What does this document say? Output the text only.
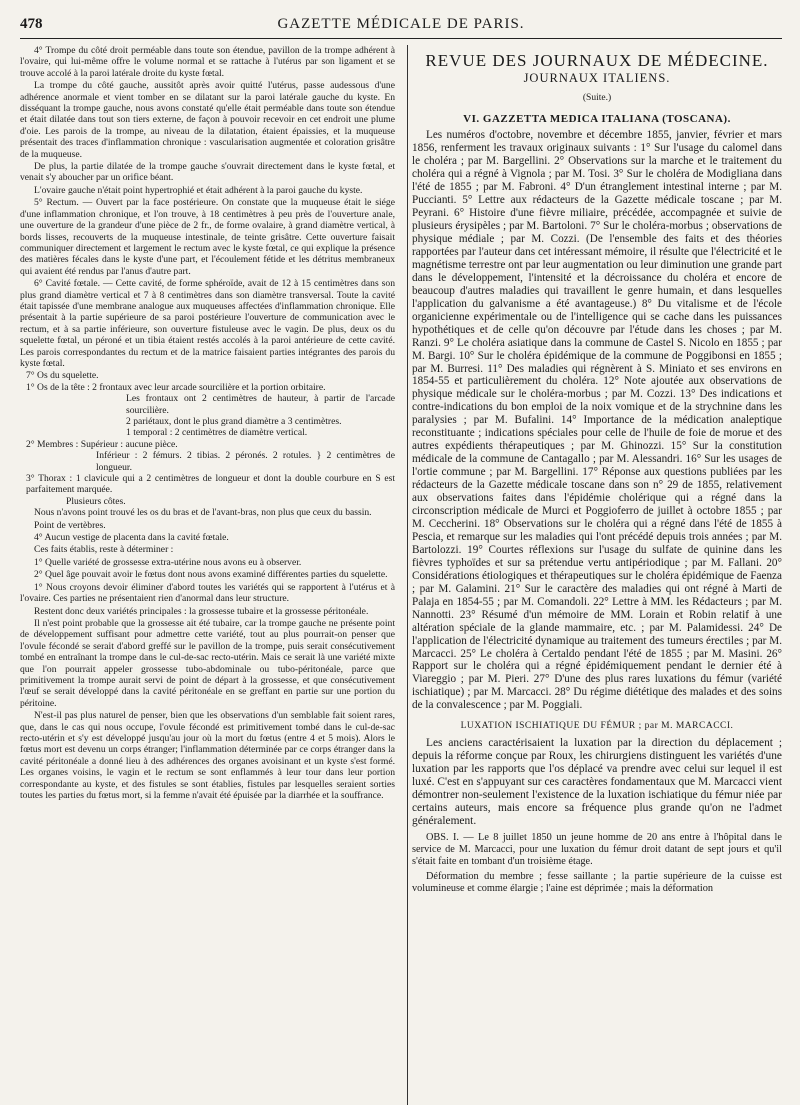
478	GAZETTE MÉDICALE DE PARIS.

4° Trompe du côté droit perméable dans toute son étendue, pavillon de la trompe adhérent à l'ovaire, qui lui-même offre le volume normal et se rattache à l'utérus par son ligament et se trouve accolé à la paroi latérale droite du kyste fœtal.

La trompe du côté gauche, aussitôt après avoir quitté l'utérus, passe audessous d'une adhérence anormale et vient tomber en se dilatant sur la paroi latérale gauche du kyste. En disséquant la trompe gauche, nous avons constaté qu'elle était perméable dans toute son étendue et était dilatée dans tout son tiers externe, de façon à pouvoir recevoir en cet endroit une plume d'oie. Les parois de la trompe, au niveau de la dilatation, étaient épaissies, et la muqueuse présentait des traces d'inflammation chronique : vascularisation augmentée et coloration grisâtre de la muqueuse.

De plus, la partie dilatée de la trompe gauche s'ouvrait directement dans le kyste fœtal, et venait s'y aboucher par un orifice béant.

L'ovaire gauche n'était point hypertrophié et était adhérent à la paroi gauche du kyste.

5° Rectum. — Ouvert par la face postérieure. On constate que la muqueuse était le siége d'une inflammation chronique, et l'on trouve, à 18 centimètres à peu près de l'ouverture anale, une ouverture de la grandeur d'une pièce de 2 fr., de forme ovalaire, à grand diamètre vertical, à bords lisses, recouverts de la muqueuse intestinale, de teinte grisâtre. Cette ouverture faisait communiquer directement et largement le rectum avec le kyste fœtal, ce qui explique la présence des matières fécales dans le kyste d'une part, et l'écoulement fétide et les détritus membraneux qui avaient été rendus par l'anus d'autre part.

6° Cavité fœtale. — Cette cavité, de forme sphéroïde, avait de 12 à 15 centimètres dans son plus grand diamètre vertical et 7 à 8 centimètres dans son diamètre transversal. Toute la cavité était tapissée d'une membrane analogue aux muqueuses affectées d'inflammation chronique. Elle présentait à la partie supérieure de sa paroi postérieure l'ouverture de communication avec le rectum, et à sa partie inférieure, son ouverture fistuleuse avec le vagin. De plus, deux os du squelette fœtal, un péroné et un tibia étaient restés accolés à la paroi antérieure de cette cavité. Les parois correspondantes du rectum et de la matrice faisaient parties intégrantes des parois du kyste fœtal.

7° Os du squelette.
1° Os de la tête : 2 frontaux avec leur arcade sourcilière et la portion orbitaire.
Les frontaux ont 2 centimètres de hauteur, à partir de l'arcade sourcilière.
2 pariétaux, dont le plus grand diamètre a 3 centimètres.
1 temporal : 2 centimètres de diamètre vertical.
2° Membres : Supérieur : aucune pièce.
Inférieur : 2 fémurs. 2 tibias. 2 péronés. 2 rotules. } 2 centimètres de longueur.
3° Thorax : 1 clavicule qui a 2 centimètres de longueur et dont la double courbure en S est parfaitement marquée.
Plusieurs côtes.

Nous n'avons point trouvé les os du bras et de l'avant-bras, non plus que ceux du bassin.

Point de vertèbres.

4° Aucun vestige de placenta dans la cavité fœtale.

Ces faits établis, reste à déterminer :

1° Quelle variété de grossesse extra-utérine nous avons eu à observer.

2° Quel âge pouvait avoir le fœtus dont nous avons examiné différentes parties du squelette.

1° Nous croyons devoir éliminer d'abord toutes les variétés qui se rapportent à l'utérus et à l'ovaire. Ces parties ne présentaient rien d'anormal dans leur structure.

Restent donc deux variétés principales : la grossesse tubaire et la grossesse péritonéale.

Il n'est point probable que la grossesse ait été tubaire, car la trompe gauche ne présente point de développement suffisant pour admettre cette variété, tout au plus pourrait-on penser que l'ovule fécondé se serait d'abord greffé sur le pavillon de la trompe, puis serait consécutivement tombé en entraînant la trompe dans le cul-de-sac recto-utérin. Mais ce serait là une variété mixte que l'on pourrait appeler grossesse tubo-abdominale ou tubo-péritonéale, parce que primitivement la trompe aurait servi de point de départ à la grossesse, et que consécutivement l'œuf se serait développé dans la cavité péritonéale en se greffant en partie sur une portion du péritoine.

N'est-il pas plus naturel de penser, bien que les observations d'un semblable fait soient rares, que, dans le cas qui nous occupe, l'ovule fécondé est primitivement tombé dans le cul-de-sac recto-utérin et s'y est développé jusqu'au jour où la mort du fœtus (entre 4 et 5 mois). Alors le fœtus mort est devenu un corps étranger; l'inflammation déterminée par ce corps étranger dans la cavité péritonéale a donné lieu à des adhérences des organes avoisinant et un kyste s'est formé. Les organes voisins, le vagin et le rectum se sont enflammés à leur tour dans leur portion correspondante au kyste, et des fistules se sont établies, fistules par lesquelles seraient sorties toutes les parties du fœtus mort, si la femme n'avait été épuisée par la diarrhée et la souffrance.

REVUE DES JOURNAUX DE MÉDECINE.
JOURNAUX ITALIENS.
(Suite.)
VI. GAZZETTA MEDICA ITALIANA (TOSCANA).

Les numéros d'octobre, novembre et décembre 1855, janvier, février et mars 1856, renferment les travaux originaux suivants : 1° Sur l'usage du calomel dans le choléra ; par M. Bargellini. 2° Observations sur la marche et le traitement du choléra qui a régné à Vignola ; par M. Tosi. 3° Sur le choléra de Modigliana dans l'été de 1855 ; par M. Fabroni. 4° D'un étranglement intestinal interne ; par M. Puccianti. 5° Lettre aux rédacteurs de la Gazette médicale toscane ; par M. Peyrani. 6° Histoire d'une fièvre miliaire, précédée, accompagnée et suivie de plusieurs érysipèles ; par M. Bartoloni. 7° Sur le choléra-morbus ; observations de physique médiale ; par M. Cozzi. (De l'ensemble des faits et des théories rapportées par l'auteur dans cet intéressant mémoire, il résulte que l'électricité et le magnétisme terrestre ont par leur augmentation ou leur diminution une grande part dans le développement, l'intensité et la décroissance du choléra et encore de beaucoup d'autres maladies qui travaillent le genre humain, et dans lesquelles l'application du galvanisme a été avantageuse.) 8° Du vitalisme et de l'école organicienne expérimentale ou de l'intelligence qui se cache dans les puissances hypothétiques et de celle qu'on découvre par l'étude dans les choses ; par M. Ranzi. 9° Le choléra asiatique dans la commune de Castel S. Nicolo en 1855 ; par M. Bargi. 10° Sur le choléra épidémique de la commune de Poggibonsi en 1855 ; par M. Burresi. 11° Des maladies qui régnèrent à S. Miniato et ses environs en 1854-55 et particulièrement du choléra. 12° Note ajoutée aux observations de physique médicale sur le choléra-morbus ; par M. Cozzi. 13° Des indications et contre-indications du bon emploi de la noix vomique et de la strychnine dans les paralysies ; par M. Bufalini. 14° Importance de la médication analeptique reconstituante ; indications spéciales pour celle de l'huile de foie de morue et des autres expédients thérapeutiques ; par M. Ghinozzi. 15° Sur la constitution médicale de la commune de Cantagallo ; par M. Alessandri. 16° Sur les usages de l'ortie commune ; par M. Bargellini. 17° Réponse aux questions publiées par les rédacteurs de la Gazette médicale toscane dans son n° 29 de 1855, relativement aux observations faites dans l'épidémie cholérique qui a régné dans la circonscription médicale de Murci et Poggioferro de juillet à octobre 1855 ; par M. Ceccherini. 18° Observations sur le choléra qui a régné dans l'été de 1855 à Pescia, et remarque sur les maladies qui l'ont précédé depuis trois années ; par M. Bartolozzi. 19° Courtes réflexions sur l'usage du sulfate de quinine dans les fièvres typhoïdes et sur sa prétendue vertu antipériodique ; par M. Fallani. 20° Considérations étiologiques et thérapeutiques sur le choléra épidémique de Faenza ; par M. Galamini. 21° Sur le caractère des maladies qui ont régné à Marti de Palaja en 1854-55 ; par M. Comandoli. 22° Lettre à MM. les Rédacteurs ; par M. Nannotti. 23° Résumé d'un mémoire de MM. Lorain et Robin relatif à une altération spéciale de la glande mammaire, etc. ; par M. Palamidessi. 24° De l'application de l'électricité dynamique au traitement des tumeurs érectiles ; par M. Marcacci. 25° Le choléra à Certaldo pendant l'été de 1855 ; par M. Masini. 26° Rapport sur le choléra qui a régné épidémiquement pendant le dernier été à Viareggio ; par M. Pieri. 27° D'une des plus rares luxations du fémur (variété ischiatique) ; par M. Marcacci. 28° Du régime diététique des malades et des soins de la convalescence ; par M. Poggiali.

LUXATION ISCHIATIQUE DU FÉMUR ; par M. MARCACCI.

Les anciens caractérisaient la luxation par la direction du déplacement ; depuis la réforme conçue par Roux, les chirurgiens distinguent les variétés d'une luxation par les rapports que l'os déplacé va prendre avec celui sur lequel il est luxé. C'est en s'appuyant sur ces caractères fondamentaux que M. Marcacci vient démontrer non-seulement l'existence de la luxation ischiatique du fémur niée par certains auteurs, mais encore sa fréquence plus grande qu'on ne l'admet généralement.

OBS. I. — Le 8 juillet 1850 un jeune homme de 20 ans entre à l'hôpital dans le service de M. Marcacci, pour une luxation du fémur droit datant de sept jours et qu'il s'était faite en tombant d'un troisième étage.

Déformation du membre ; fesse saillante ; la partie supérieure de la cuisse est volumineuse et comme élargie ; l'aine est déprimée ; mais la déformation
